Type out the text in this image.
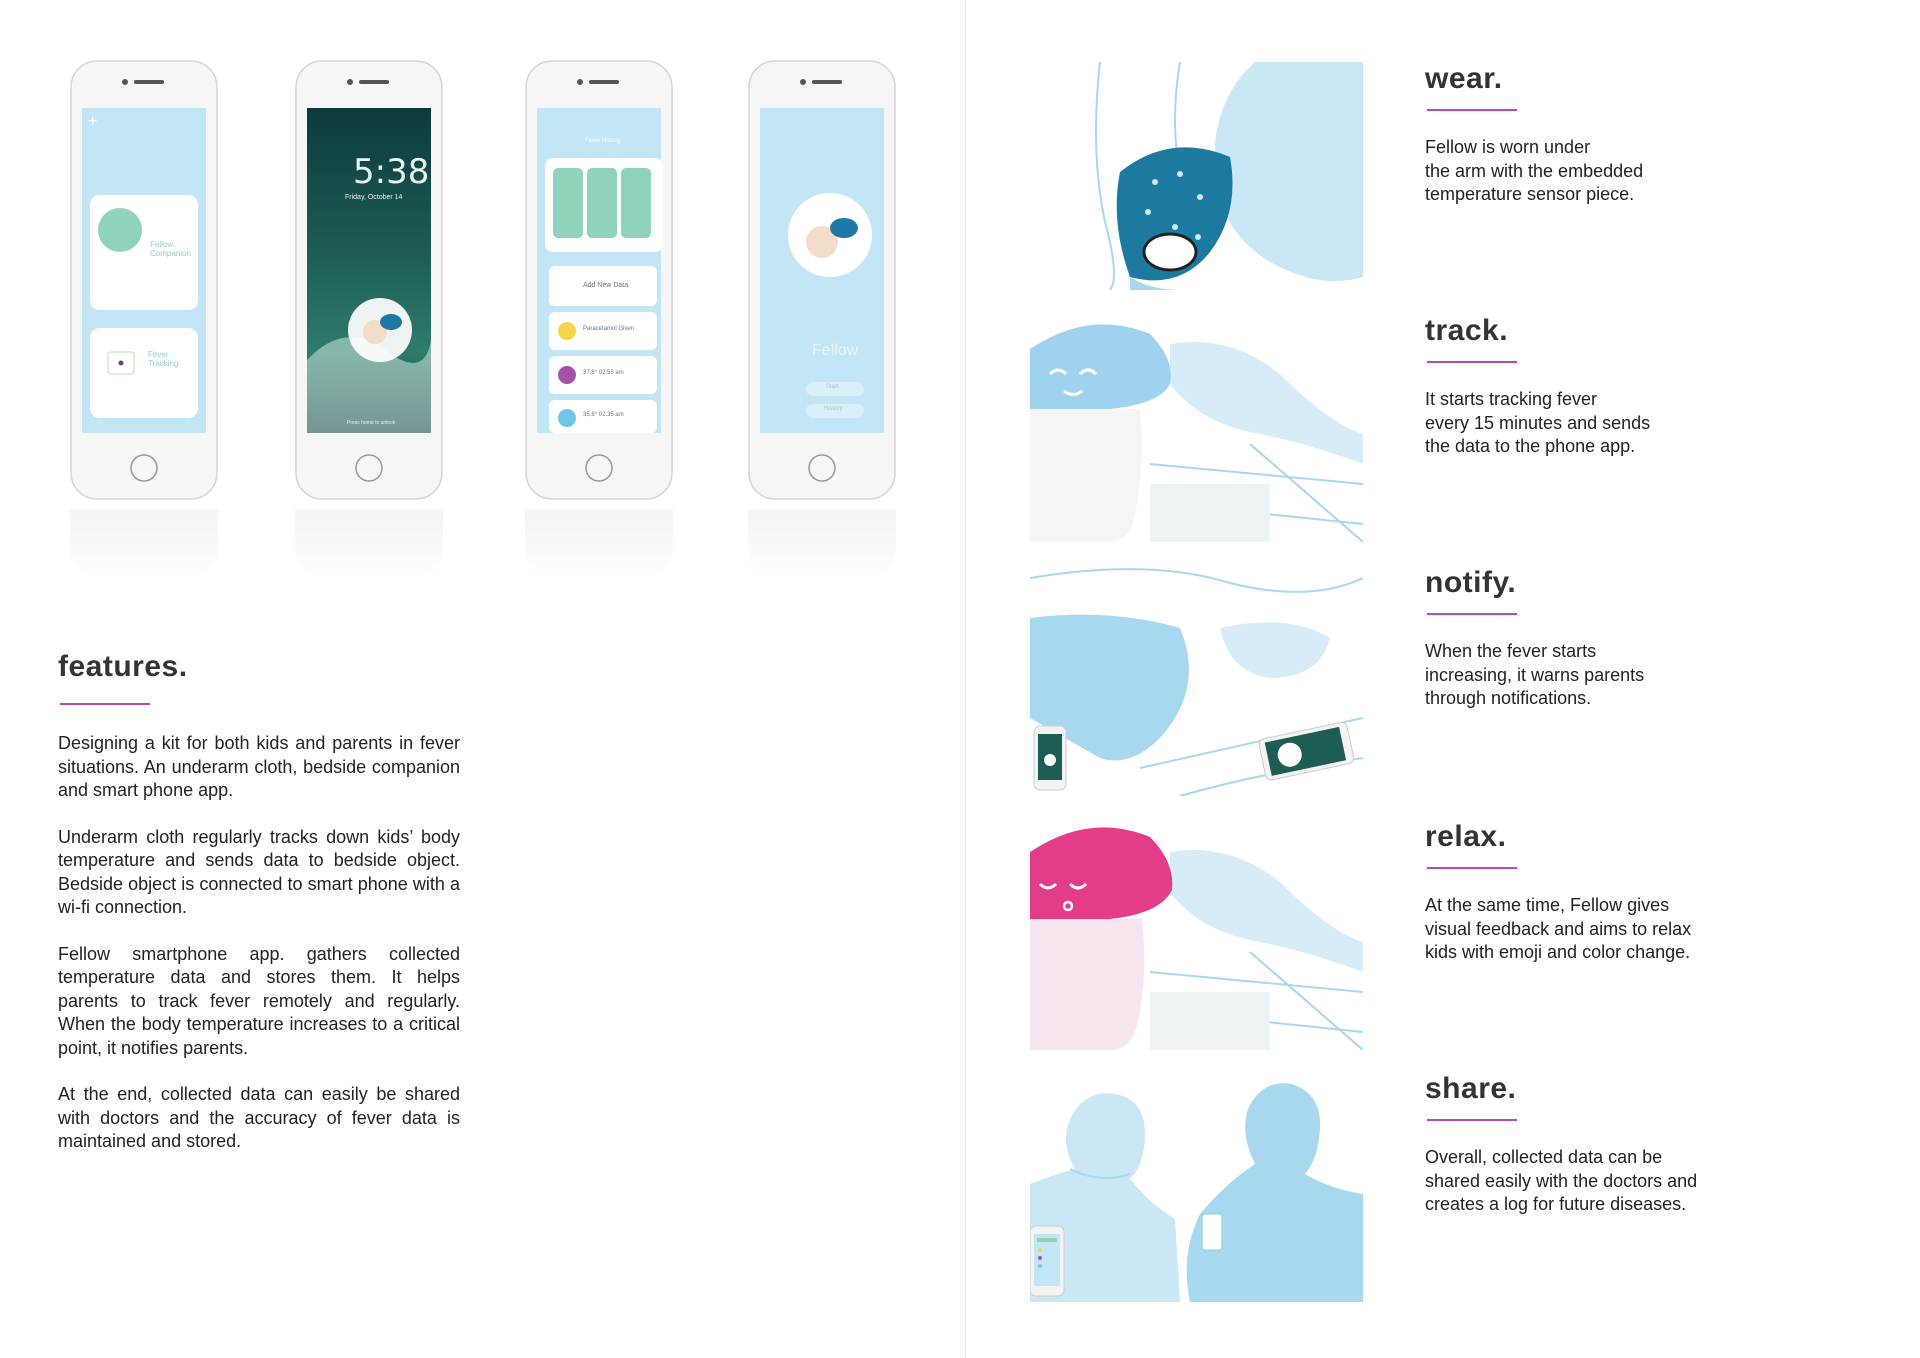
+
Fellow Companion
Fever Tracking
5:38
Friday, October 14
Press home to unlock
Fever History
Add New Data
Paracetamol Given
37.8° 02:55 am
35.8° 02:35 am
Fellow
Start
History
features.

Designing a kit for both kids and parents in fever situations. An underarm cloth, bedside companion and smart phone app.

Underarm cloth regularly tracks down kids’ body temperature and sends data to bedside object. Bedside object is connected to smart phone with a wi-fi connection.

Fellow smartphone app. gathers collected temperature data and stores them. It helps parents to track fever remotely and regularly. When the body temperature increases to a critical point, it notifies parents.

At the end, collected data can easily be shared with doctors and the accuracy of fever data is maintained and stored.

wear.

Fellow is worn under
the arm with the embedded
temperature sensor piece.

track.

It starts tracking fever
every 15 minutes and sends
the data to the phone app.

notify.

When the fever starts
increasing, it warns parents
through notifications.

relax.

At the same time, Fellow gives
visual feedback and aims to relax
kids with emoji and color change.

share.

Overall, collected data can be
shared easily with the doctors and
creates a log for future diseases.
